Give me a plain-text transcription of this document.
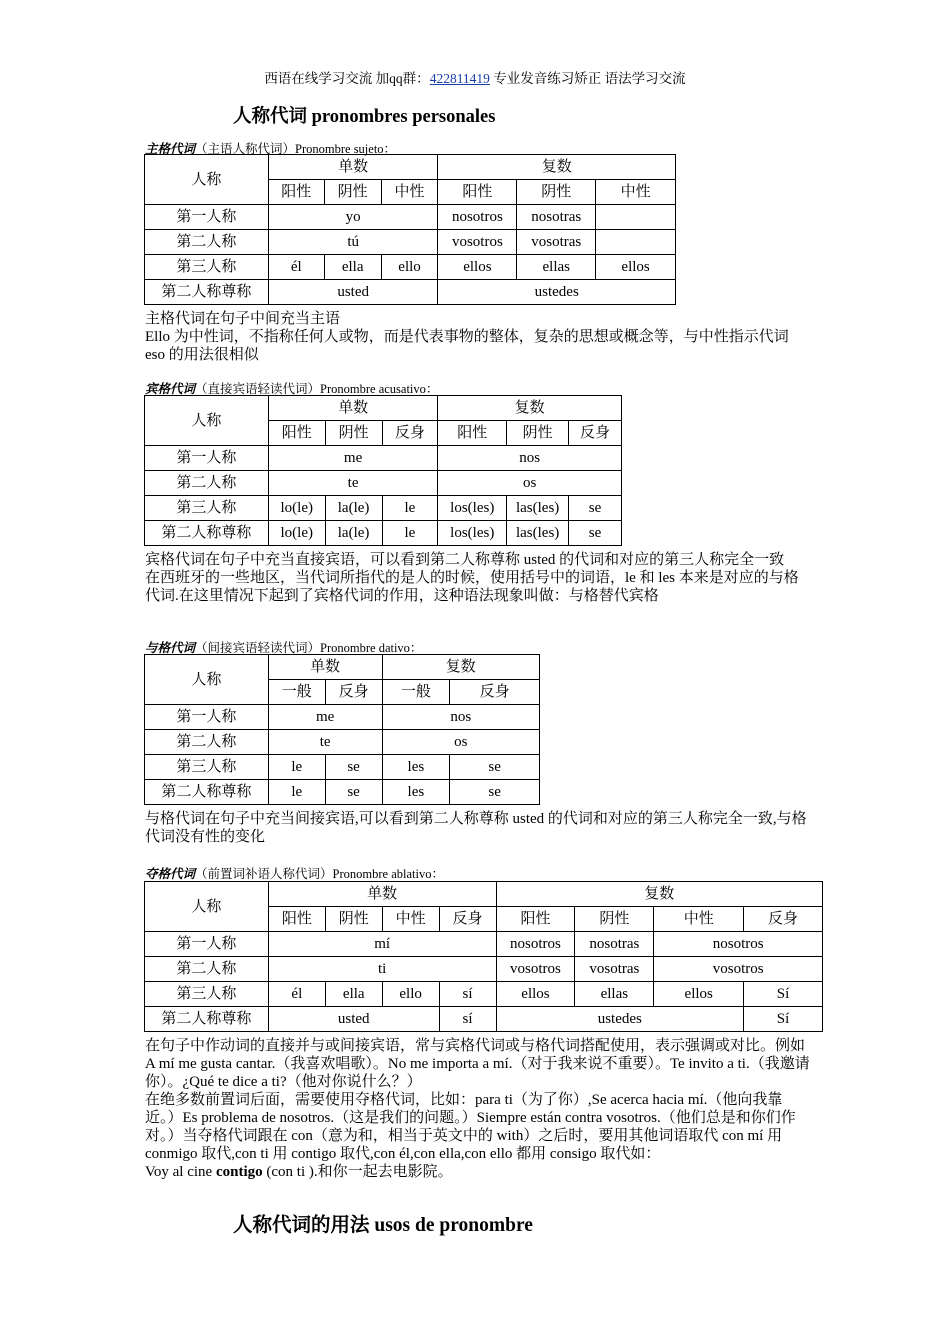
西语在线学习交流 加qq群：422811419 专业发音练习矫正 语法学习交流
人称代词 pronombres personales
主格代词（主语人称代词）Pronombre sujeto：
人称	单数			复数		
	阳性	阴性	中性	阳性	阴性	中性
第一人称	yo			nosotros	nosotras	
第二人称	tú			vosotros	vosotras	
第三人称	él	ella	ello	ellos	ellas	ellos
第二人称尊称	usted			ustedes		

主格代词在句子中间充当主语

Ello 为中性词，不指称任何人或物，而是代表事物的整体，复杂的思想或概念等，与中性指示代词 eso 的用法很相似

宾格代词（直接宾语轻读代词）Pronombre acusativo：
人称	单数			复数		
	阳性	阴性	反身	阳性	阴性	反身
第一人称	me			nos		
第二人称	te			os		
第三人称	lo(le)	la(le)	le	los(les)	las(les)	se
第二人称尊称	lo(le)	la(le)	le	los(les)	las(les)	se

宾格代词在句子中充当直接宾语，可以看到第二人称尊称 usted 的代词和对应的第三人称完全一致

在西班牙的一些地区，当代词所指代的是人的时候，使用括号中的词语，le 和 les 本来是对应的与格代词.在这里情况下起到了宾格代词的作用，这种语法现象叫做：与格替代宾格

与格代词（间接宾语轻读代词）Pronombre dativo：
人称	单数		复数	
	一般	反身	一般	反身
第一人称	me		nos	
第二人称	te		os	
第三人称	le	se	les	se
第二人称尊称	le	se	les	se

与格代词在句子中充当间接宾语,可以看到第二人称尊称 usted 的代词和对应的第三人称完全一致,与格代词没有性的变化

夺格代词（前置词补语人称代词）Pronombre ablativo：
人称	单数				复数			
	阳性	阴性	中性	反身	阳性	阴性	中性	反身
第一人称	mí				nosotros	nosotras	nosotros	
第二人称	ti				vosotros	vosotras	vosotros	
第三人称	él	ella	ello	sí	ellos	ellas	ellos	Sí
第二人称尊称	usted			sí	ustedes			Sí

在句子中作动词的直接并与或间接宾语，常与宾格代词或与格代词搭配使用，表示强调或对比。例如 A mí me gusta cantar.（我喜欢唱歌）。No me importa a mí.（对于我来说不重要）。Te invito a ti.（我邀请你）。¿Qué te dice a ti?（他对你说什么？）

在绝多数前置词后面，需要使用夺格代词，比如：para ti（为了你）,Se acerca hacia mí.（他向我靠近。）Es problema de nosotros.（这是我们的问题。）Siempre están contra vosotros.（他们总是和你们作对。）当夺格代词跟在 con（意为和，相当于英文中的 with）之后时，要用其他词语取代 con mí 用 conmigo 取代,con ti 用 contigo 取代,con él,con ella,con ello 都用 consigo 取代如：

Voy al cine contigo (con ti ).和你一起去电影院。

人称代词的用法 usos de pronombre
